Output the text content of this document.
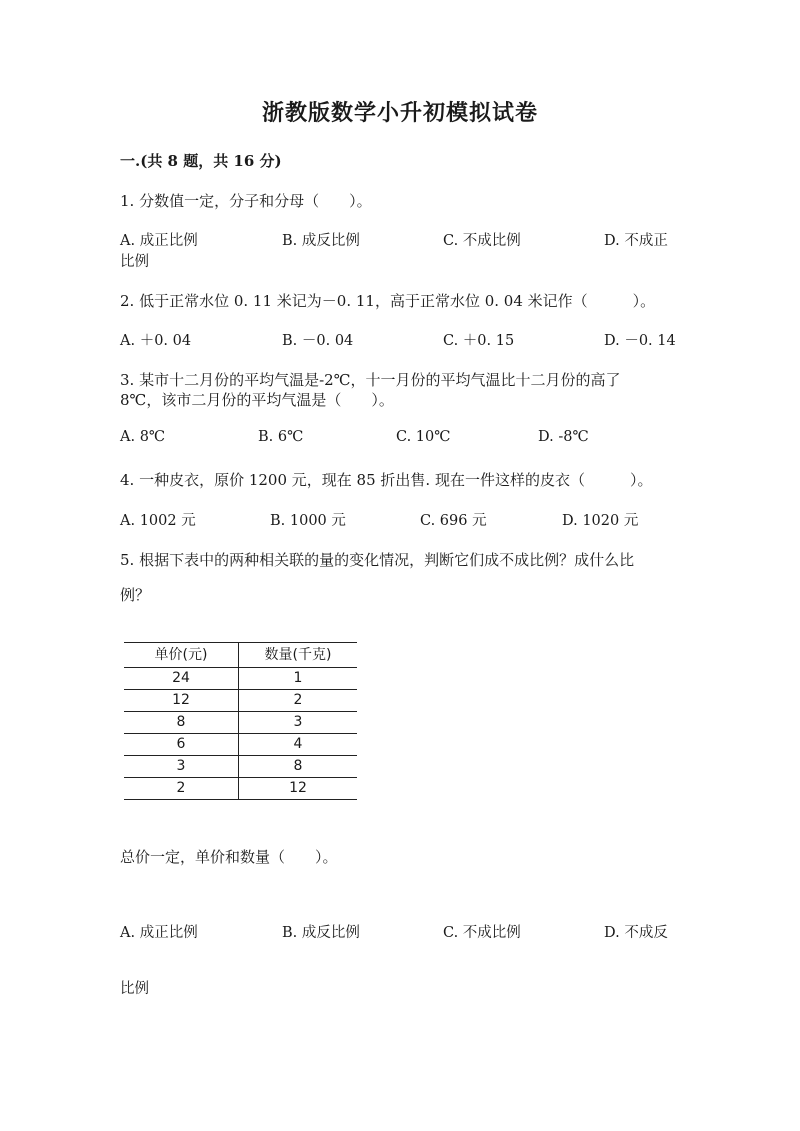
浙教版数学小升初模拟试卷
一.(共 8 题，共 16 分)
1. 分数值一定，分子和分母（　　）。
A. 成正比例	B. 成反比例	C. 不成比例	D. 不成正
比例
2. 低于正常水位 0. 11 米记为－0. 11，高于正常水位 0. 04 米记作（　　　）。
A. ＋0. 04	B. －0. 04	C. ＋0. 15	D. －0. 14
3. 某市十二月份的平均气温是-2℃，十一月份的平均气温比十二月份的高了
8℃，该市二月份的平均气温是（　　）。
A. 8℃	B. 6℃	C. 10℃	D. -8℃
4. 一种皮衣，原价 1200 元，现在 85 折出售. 现在一件这样的皮衣（　　　）。
A. 1002 元	B. 1000 元	C. 696 元	D. 1020 元
5. 根据下表中的两种相关联的量的变化情况，判断它们成不成比例？成什么比
例？
单价(元)	数量(千克)
24	1
12	2
8	3
6	4
3	8
2	12
总价一定，单价和数量（　　）。
A. 成正比例	B. 成反比例	C. 不成比例	D. 不成反
比例
